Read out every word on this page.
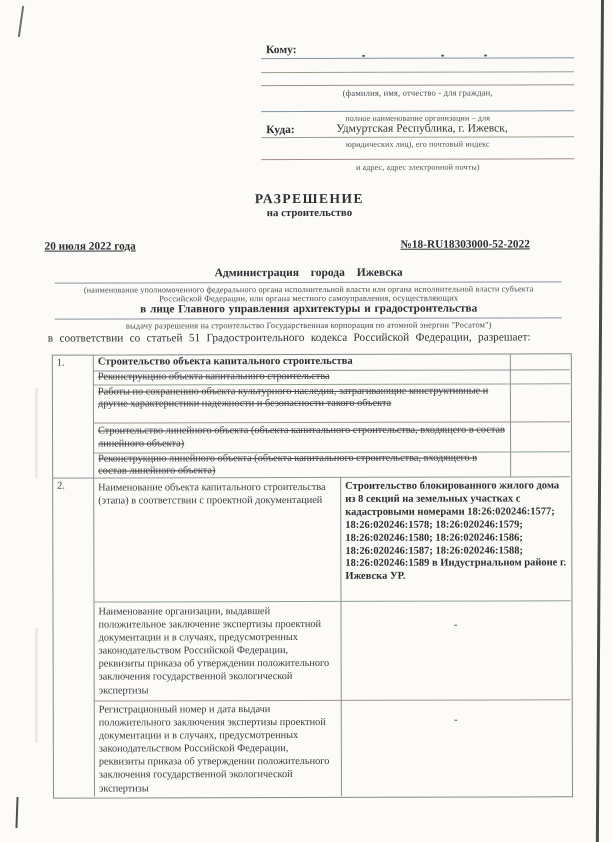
Кому:
(фамилия, имя, отчество - для граждан,
полное наименование организации – для
Куда:	Удмуртская Республика, г. Ижевск,
юридических лиц), его почтовый индекс
и адрес, адрес электронной почты)
РАЗРЕШЕНИЕ
на строительство
20 июля 2022 года	№18-RU18303000-52-2022
Администрация города Ижевска
(наименование уполномоченного федерального органа исполнительной власти или органа исполнительной власти субъекта
Российской Федерации, или органа местного самоуправления, осуществляющих
в лице Главного управления архитектуры и градостроительства
выдачу разрешения на строительство Государственная корпорация по атомной энергии "Росатом")
в соответствии со статьей 51 Градостроительного кодекса Российской Федерации, разрешает:
1.
2.
Строительство объекта капитального строительства
Реконструкцию объекта капитального строительства
Работы по сохранению объекта культурного наследия, затрагивающие конструктивные и другие характеристики надежности и безопасности такого объекта
Строительство линейного объекта (объекта капитального строительства, входящего в состав линейного объекта)
Реконструкцию линейного объекта (объекта капитального строительства, входящего в состав линейного объекта)
Наименование объекта капитального строительства (этапа) в соответствии с проектной документацией
Строительство блокированного жилого дома из 8 секций на земельных участках с кадастровыми номерами 18:26:020246:1577; 18:26:020246:1578; 18:26:020246:1579; 18:26:020246:1580; 18:26:020246:1586; 18:26:020246:1587; 18:26:020246:1588; 18:26:020246:1589 в Индустриальном районе г. Ижевска УР.
Наименование организации, выдавшей положительное заключение экспертизы проектной документации и в случаях, предусмотренных законодательством Российской Федерации, реквизиты приказа об утверждении положительного заключения государственной экологической экспертизы
-
Регистрационный номер и дата выдачи положительного заключения экспертизы проектной документации и в случаях, предусмотренных законодательством Российской Федерации, реквизиты приказа об утверждении положительного заключения государственной экологической экспертизы
-
